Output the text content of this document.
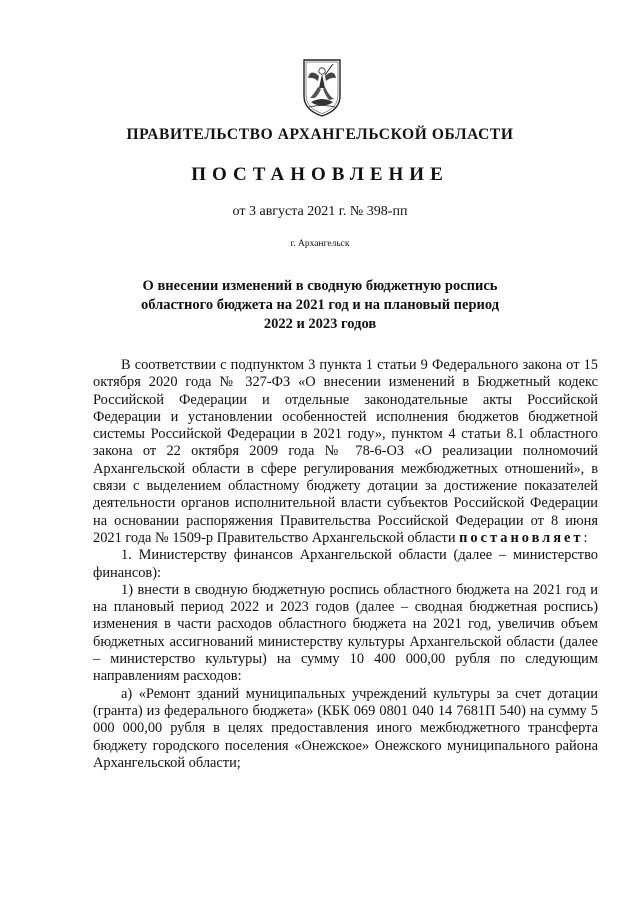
ПРАВИТЕЛЬСТВО АРХАНГЕЛЬСКОЙ ОБЛАСТИ
ПОСТАНОВЛЕНИЕ
от 3 августа 2021 г. № 398-пп
г. Архангельск
О внесении изменений в сводную бюджетную роспись
областного бюджета на 2021 год и на плановый период
2022 и 2023 годов

В соответствии с подпунктом 3 пункта 1 статьи 9 Федерального закона от 15 октября 2020 года № 327-ФЗ «О внесении изменений в Бюджетный кодекс Российской Федерации и отдельные законодательные акты Российской Федерации и установлении особенностей исполнения бюджетов бюджетной системы Российской Федерации в 2021 году», пунктом 4 статьи 8.1 областного закона от 22 октября 2009 года № 78-6-ОЗ «О реализации полномочий Архангельской области в сфере регулирования межбюджетных отношений», в связи с выделением областному бюджету дотации за достижение показателей деятельности органов исполнительной власти субъектов Российской Федерации на основании распоряжения Правительства Российской Федерации от 8 июня 2021 года № 1509-р Правительство Архангельской области постановляет:

1. Министерству финансов Архангельской области (далее – министерство финансов):

1) внести в сводную бюджетную роспись областного бюджета на 2021 год и на плановый период 2022 и 2023 годов (далее – сводная бюджетная роспись) изменения в части расходов областного бюджета на 2021 год, увеличив объем бюджетных ассигнований министерству культуры Архангельской области (далее – министерство культуры) на сумму 10 400 000,00 рубля по следующим направлениям расходов:

а) «Ремонт зданий муниципальных учреждений культуры за счет дотации (гранта) из федерального бюджета» (КБК 069 0801 040 14 7681П 540) на сумму 5 000 000,00 рубля в целях предоставления иного межбюджетного трансферта бюджету городского поселения «Онежское» Онежского муниципального района Архангельской области;
